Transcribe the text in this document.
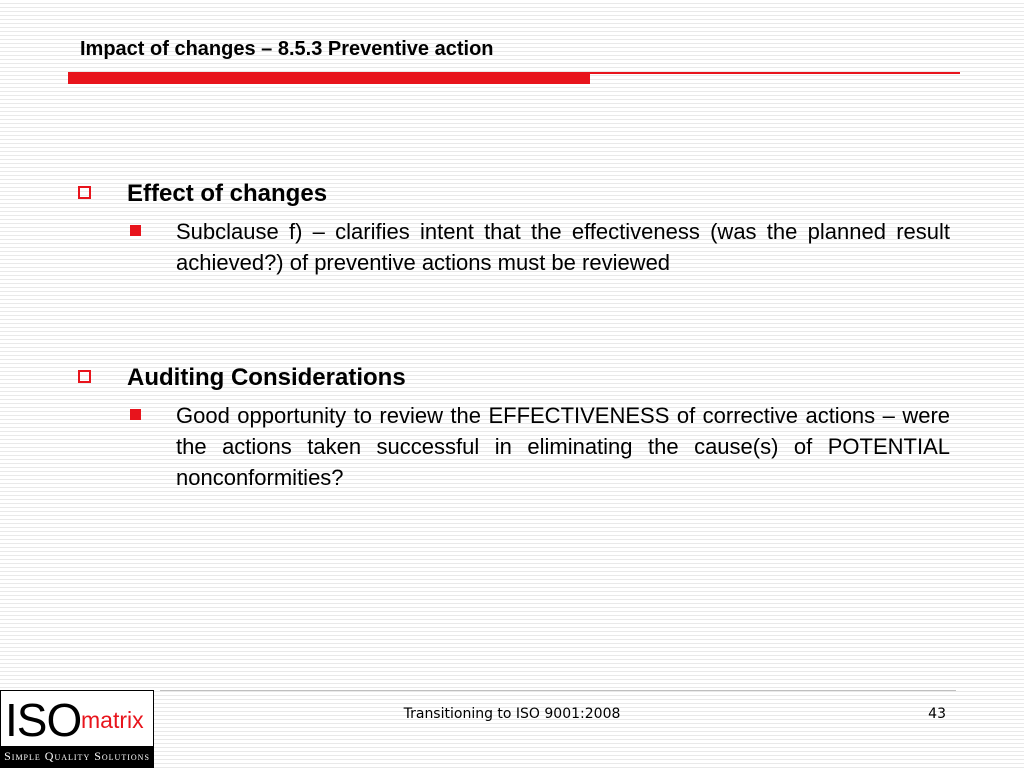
Impact of changes – 8.5.3 Preventive action
Effect of changes
Subclause f) – clarifies intent that the effectiveness (was the planned result achieved?) of preventive actions must be reviewed
Auditing Considerations
Good opportunity to review the EFFECTIVENESS of corrective actions – were the actions taken successful in eliminating the cause(s) of POTENTIAL nonconformities?
Transitioning to ISO 9001:2008	43
ISO matrix
Simple Quality Solutions
